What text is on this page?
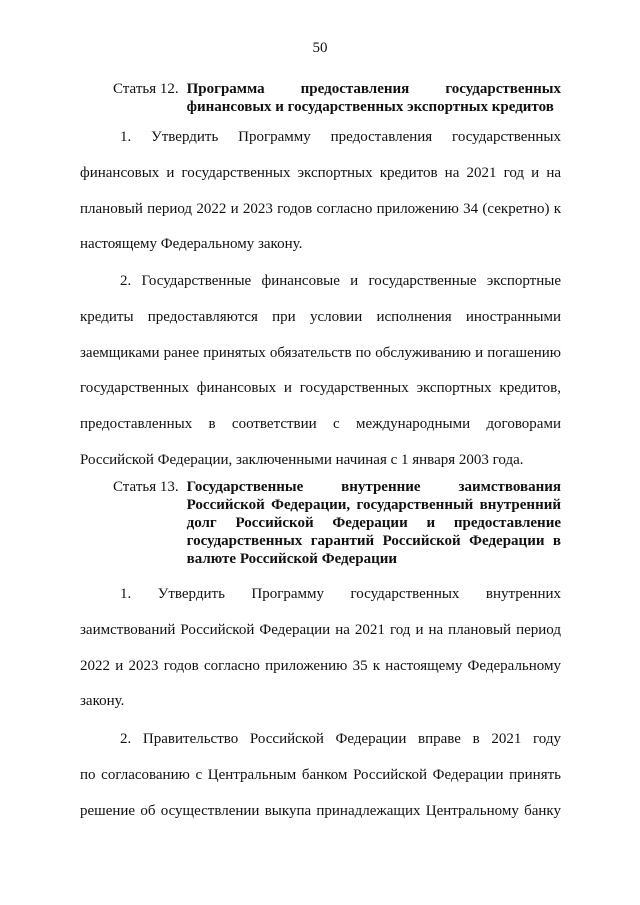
50
Статья 12. Программа предоставления государственных
финансовых и государственных экспортных кредитов
1. Утвердить Программу предоставления государственных
финансовых и государственных экспортных кредитов на 2021 год и на
плановый период 2022 и 2023 годов согласно приложению 34 (секретно) к
настоящему Федеральному закону.
2. Государственные финансовые и государственные экспортные
кредиты предоставляются при условии исполнения иностранными
заемщиками ранее принятых обязательств по обслуживанию и погашению
государственных финансовых и государственных экспортных кредитов,
предоставленных в соответствии с международными договорами
Российской Федерации, заключенными начиная с 1 января 2003 года.
Статья 13. Государственные внутренние заимствования
Российской Федерации, государственный внутренний
долг Российской Федерации и предоставление
государственных гарантий Российской Федерации в
валюте Российской Федерации
1. Утвердить Программу государственных внутренних
заимствований Российской Федерации на 2021 год и на плановый период
2022 и 2023 годов согласно приложению 35 к настоящему Федеральному
закону.
2. Правительство Российской Федерации вправе в 2021 году
по согласованию с Центральным банком Российской Федерации принять
решение об осуществлении выкупа принадлежащих Центральному банку
